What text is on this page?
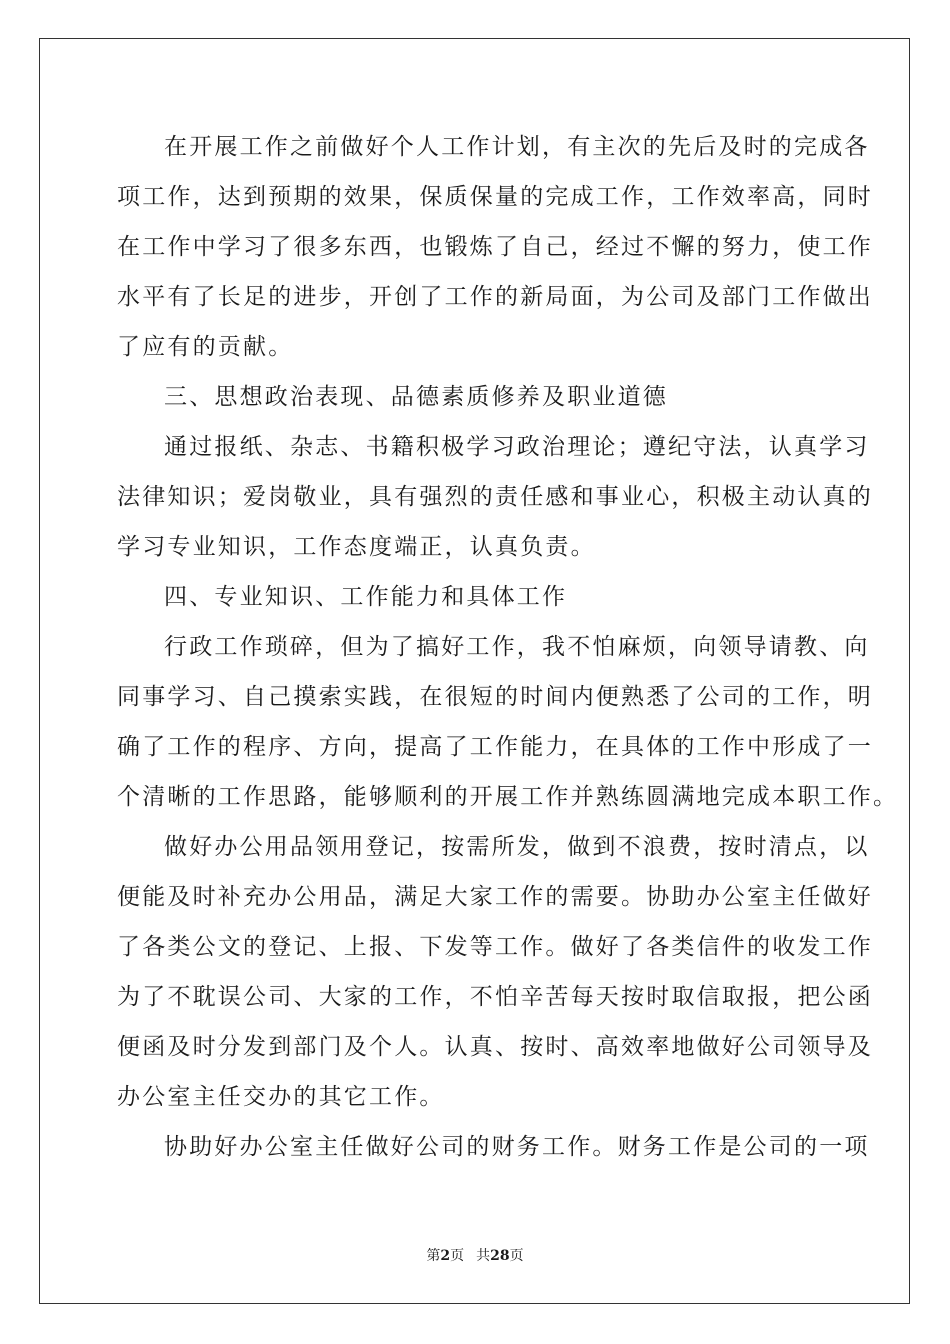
在开展工作之前做好个人工作计划，有主次的先后及时的完成各
项工作，达到预期的效果，保质保量的完成工作，工作效率高，同时
在工作中学习了很多东西，也锻炼了自己，经过不懈的努力，使工作
水平有了长足的进步，开创了工作的新局面，为公司及部门工作做出
了应有的贡献。
三、思想政治表现、品德素质修养及职业道德
通过报纸、杂志、书籍积极学习政治理论；遵纪守法，认真学习
法律知识；爱岗敬业，具有强烈的责任感和事业心，积极主动认真的
学习专业知识，工作态度端正，认真负责。
四、专业知识、工作能力和具体工作
行政工作琐碎，但为了搞好工作，我不怕麻烦，向领导请教、向
同事学习、自己摸索实践，在很短的时间内便熟悉了公司的工作，明
确了工作的程序、方向，提高了工作能力，在具体的工作中形成了一
个清晰的工作思路，能够顺利的开展工作并熟练圆满地完成本职工作。
做好办公用品领用登记，按需所发，做到不浪费，按时清点，以
便能及时补充办公用品，满足大家工作的需要。协助办公室主任做好
了各类公文的登记、上报、下发等工作。做好了各类信件的收发工作
为了不耽误公司、大家的工作，不怕辛苦每天按时取信取报，把公函
便函及时分发到部门及个人。认真、按时、高效率地做好公司领导及
办公室主任交办的其它工作。
协助好办公室主任做好公司的财务工作。财务工作是公司的一项
第2页 共28页
